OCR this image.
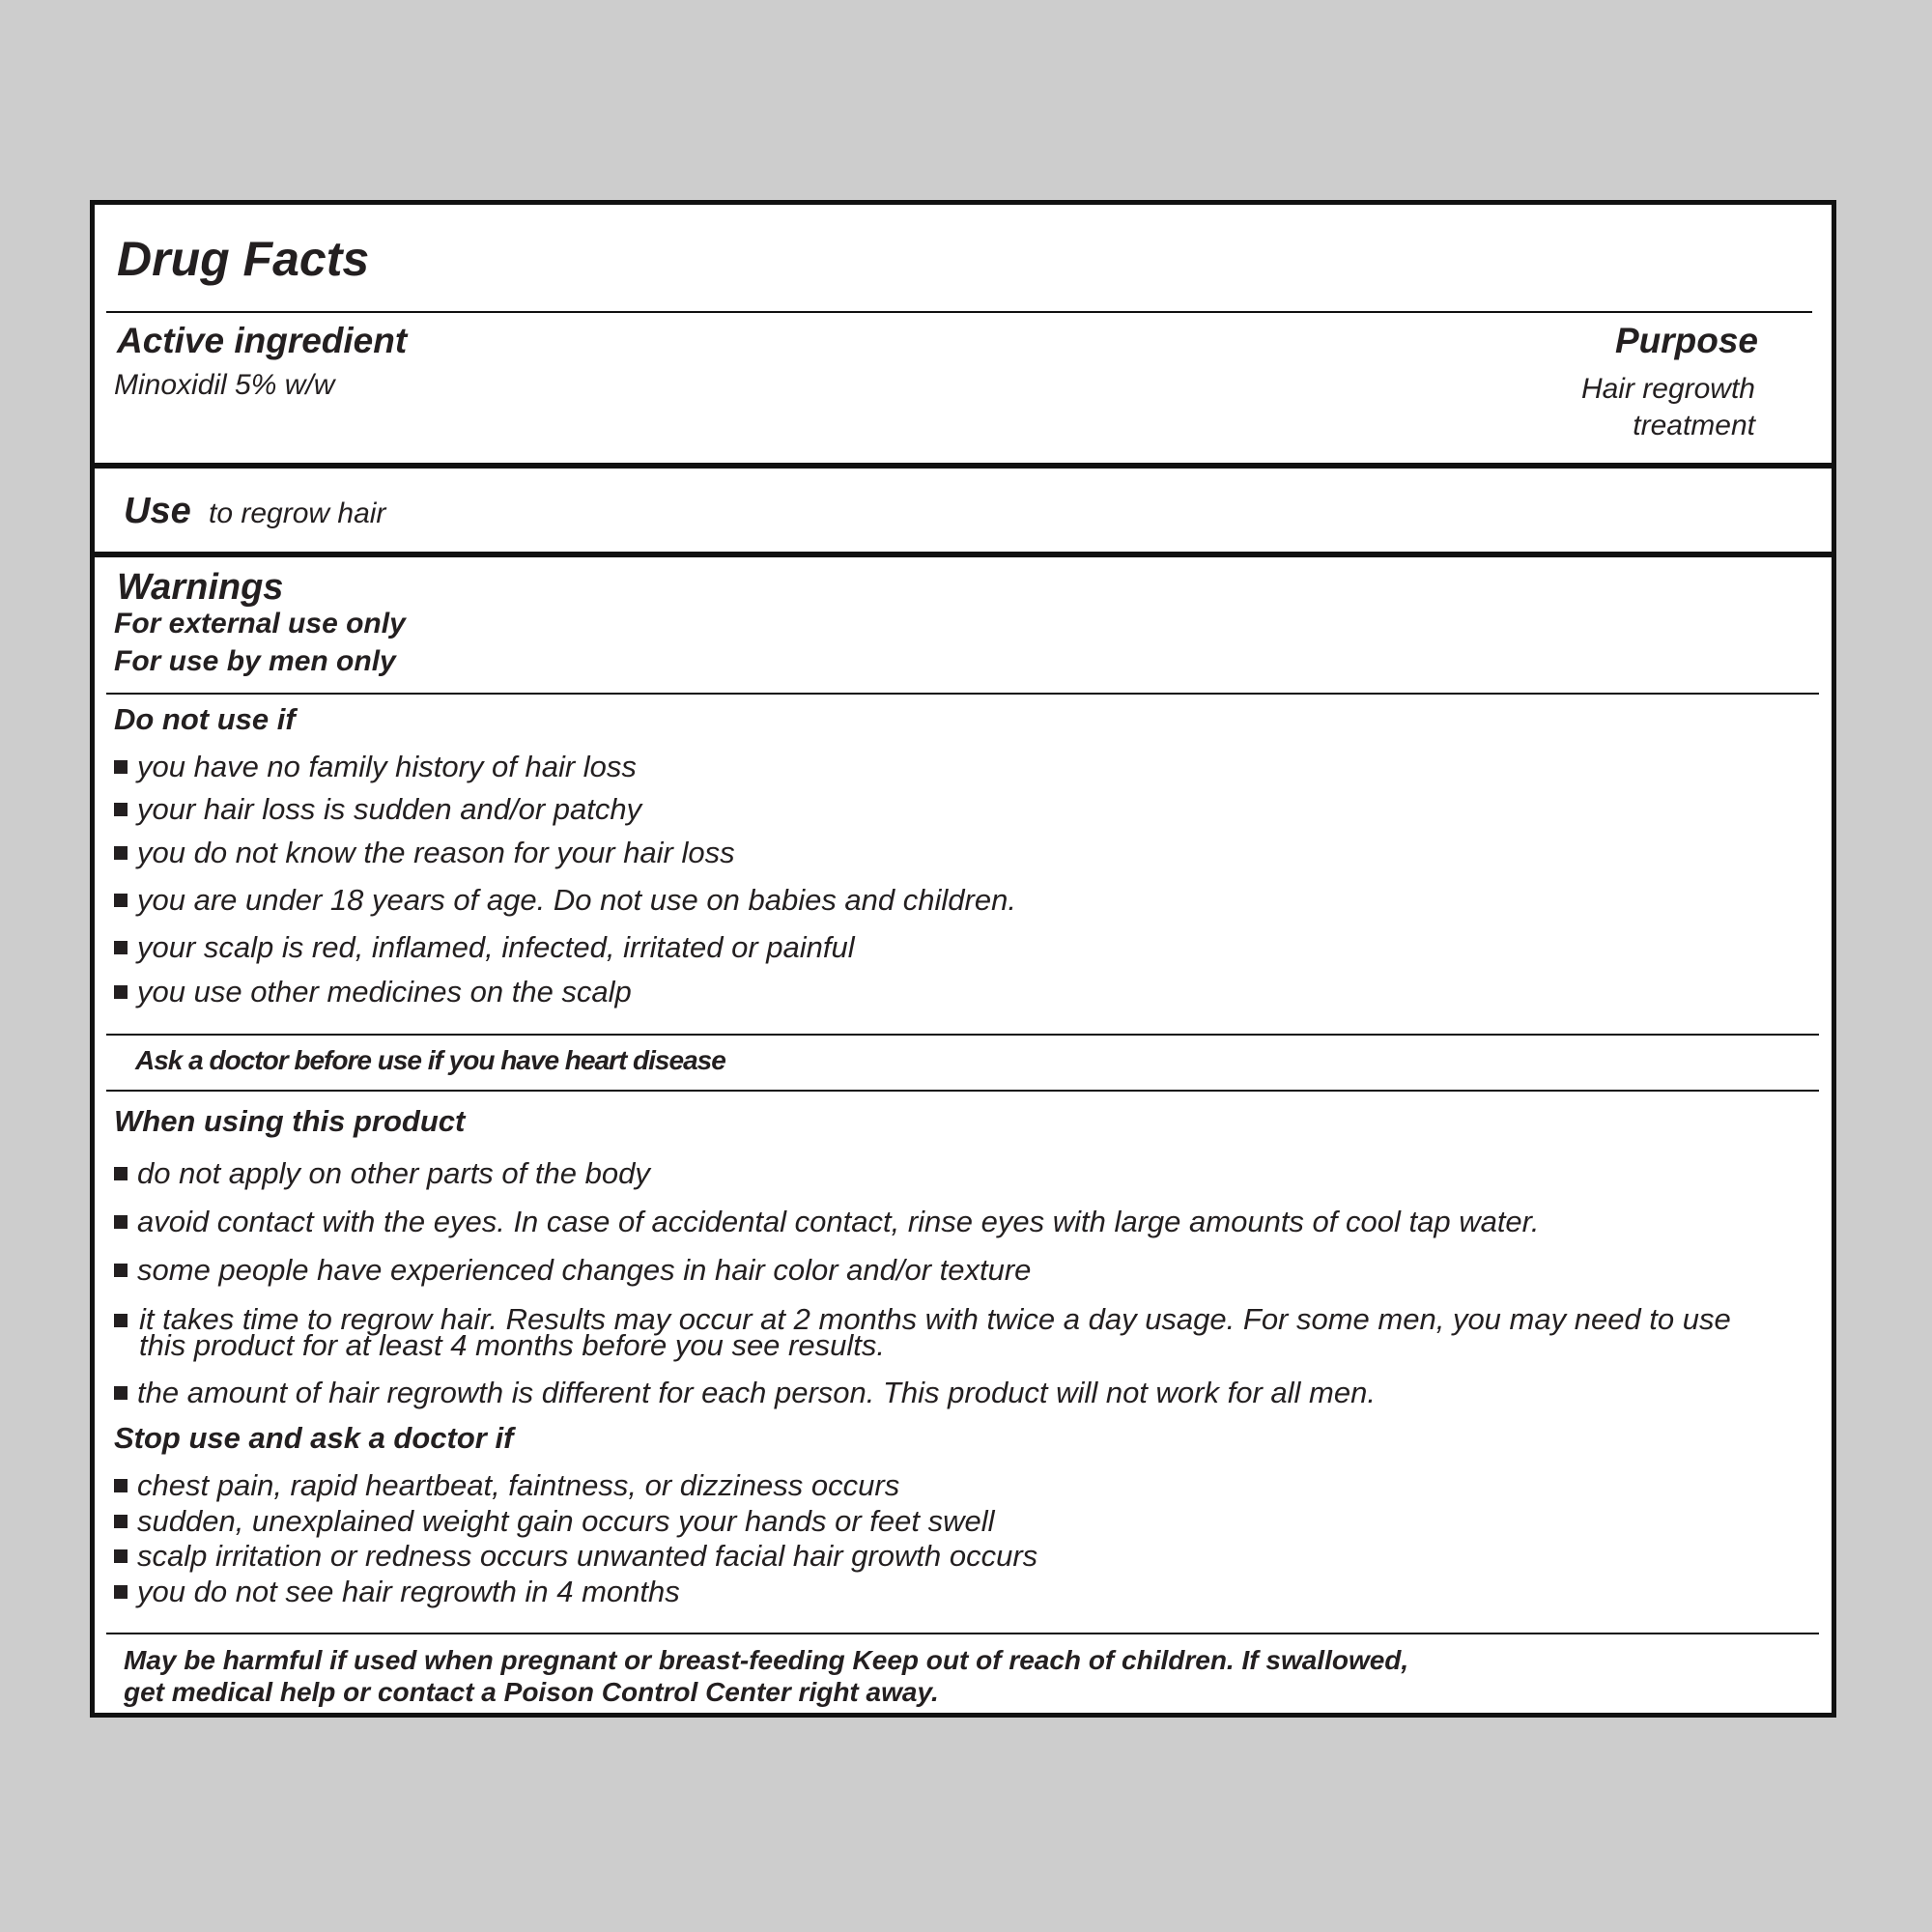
Drug Facts
Active ingredient
Minoxidil 5% w/w
Purpose
Hair regrowth
treatment
Use to regrow hair
Warnings
For external use only
For use by men only
Do not use if
you have no family history of hair loss
your hair loss is sudden and/or patchy
you do not know the reason for your hair loss
you are under 18 years of age. Do not use on babies and children.
your scalp is red, inflamed, infected, irritated or painful
you use other medicines on the scalp
Ask a doctor before use if you have heart disease
When using this product
do not apply on other parts of the body
avoid contact with the eyes. In case of accidental contact, rinse eyes with large amounts of cool tap water.
some people have experienced changes in hair color and/or texture
it takes time to regrow hair. Results may occur at 2 months with twice a day usage. For some men, you may need to use this product for at least 4 months before you see results.
the amount of hair regrowth is different for each person. This product will not work for all men.
Stop use and ask a doctor if
chest pain, rapid heartbeat, faintness, or dizziness occurs
sudden, unexplained weight gain occurs your hands or feet swell
scalp irritation or redness occurs unwanted facial hair growth occurs
you do not see hair regrowth in 4 months
May be harmful if used when pregnant or breast-feeding Keep out of reach of children. If swallowed,
get medical help or contact a Poison Control Center right away.
